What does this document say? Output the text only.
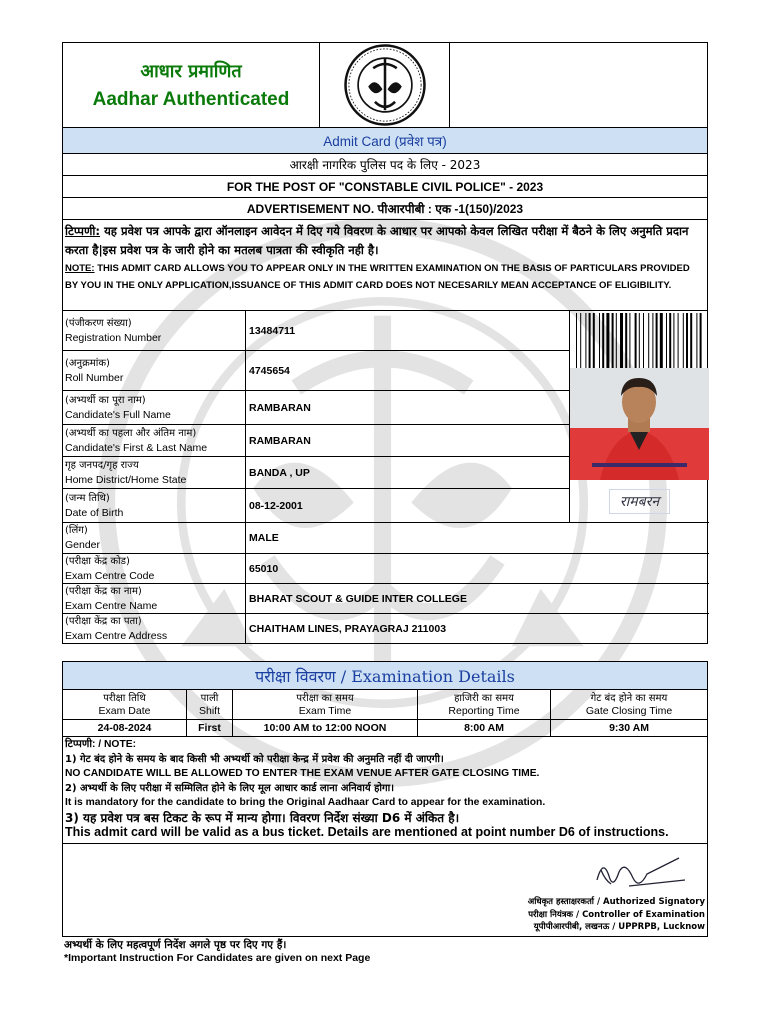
आधार प्रमाणित
Aadhar Authenticated
Admit Card (प्रवेश पत्र)
आरक्षी नागरिक पुलिस पद के लिए - 2023
FOR THE POST OF "CONSTABLE CIVIL POLICE" - 2023
ADVERTISEMENT NO. पीआरपीबी : एक -1(150)/2023
टिप्पणी: यह प्रवेश पत्र आपके द्वारा ऑनलाइन आवेदन में दिए गये विवरण के आधार पर आपको केवल लिखित परीक्षा में बैठने के लिए अनुमति प्रदान करता है|इस प्रवेश पत्र के जारी होने का मतलब पात्रता की स्वीकृति नही है।
NOTE: THIS ADMIT CARD ALLOWS YOU TO APPEAR ONLY IN THE WRITTEN EXAMINATION ON THE BASIS OF PARTICULARS PROVIDED BY YOU IN THE ONLY APPLICATION,ISSUANCE OF THIS ADMIT CARD DOES NOT NECESARILY MEAN ACCEPTANCE OF ELIGIBILITY.
(पंजीकरण संख्या)
Registration Number
13484711
(अनुक्रमांक)
Roll Number
4745654
(अभ्यर्थी का पूरा नाम)
Candidate's Full Name
RAMBARAN
(अभ्यर्थी का पहला और अंतिम नाम)
Candidate's First & Last Name
RAMBARAN
गृह जनपद/गृह राज्य
Home District/Home State
BANDA , UP
(जन्म तिथि)
Date of Birth
08-12-2001
(लिंग)
Gender
MALE
(परीक्षा केंद्र कोड)
Exam Centre Code
65010
(परीक्षा केंद्र का नाम)
Exam Centre Name
BHARAT SCOUT & GUIDE INTER COLLEGE
(परीक्षा केंद्र का पता)
Exam Centre Address
CHAITHAM LINES, PRAYAGRAJ 211003
रामबरन
परीक्षा विवरण / Examination Details
परीक्षा तिथि
Exam Date
24-08-2024
पाली
Shift
First
परीक्षा का समय
Exam Time
10:00 AM to 12:00 NOON
हाजिरी का समय
Reporting Time
8:00 AM
गेट बंद होने का समय
Gate Closing Time
9:30 AM
टिप्पणी: / NOTE:
1) गेट बंद होने के समय के बाद किसी भी अभ्यर्थी को परीक्षा केन्द्र में प्रवेश की अनुमति नहीं दी जाएगी।
NO CANDIDATE WILL BE ALLOWED TO ENTER THE EXAM VENUE AFTER GATE CLOSING TIME.
2) अभ्यर्थी के लिए परीक्षा में सम्मिलित होने के लिए मूल आधार कार्ड लाना अनिवार्य होगा।
It is mandatory for the candidate to bring the Original Aadhaar Card to appear for the examination.
3) यह प्रवेश पत्र बस टिकट के रूप में मान्य होगा। विवरण निर्देश संख्या D6 में अंकित है।
This admit card will be valid as a bus ticket. Details are mentioned at point number D6 of instructions.
अधिकृत हस्ताक्षरकर्ता / Authorized Signatory
परीक्षा नियंत्रक / Controller of Examination
यूपीपीआरपीबी, लखनऊ / UPPRPB, Lucknow
अभ्यर्थी के लिए महत्वपूर्ण निर्देश अगले पृष्ठ पर दिए गए हैं।
*Important Instruction For Candidates are given on next Page
